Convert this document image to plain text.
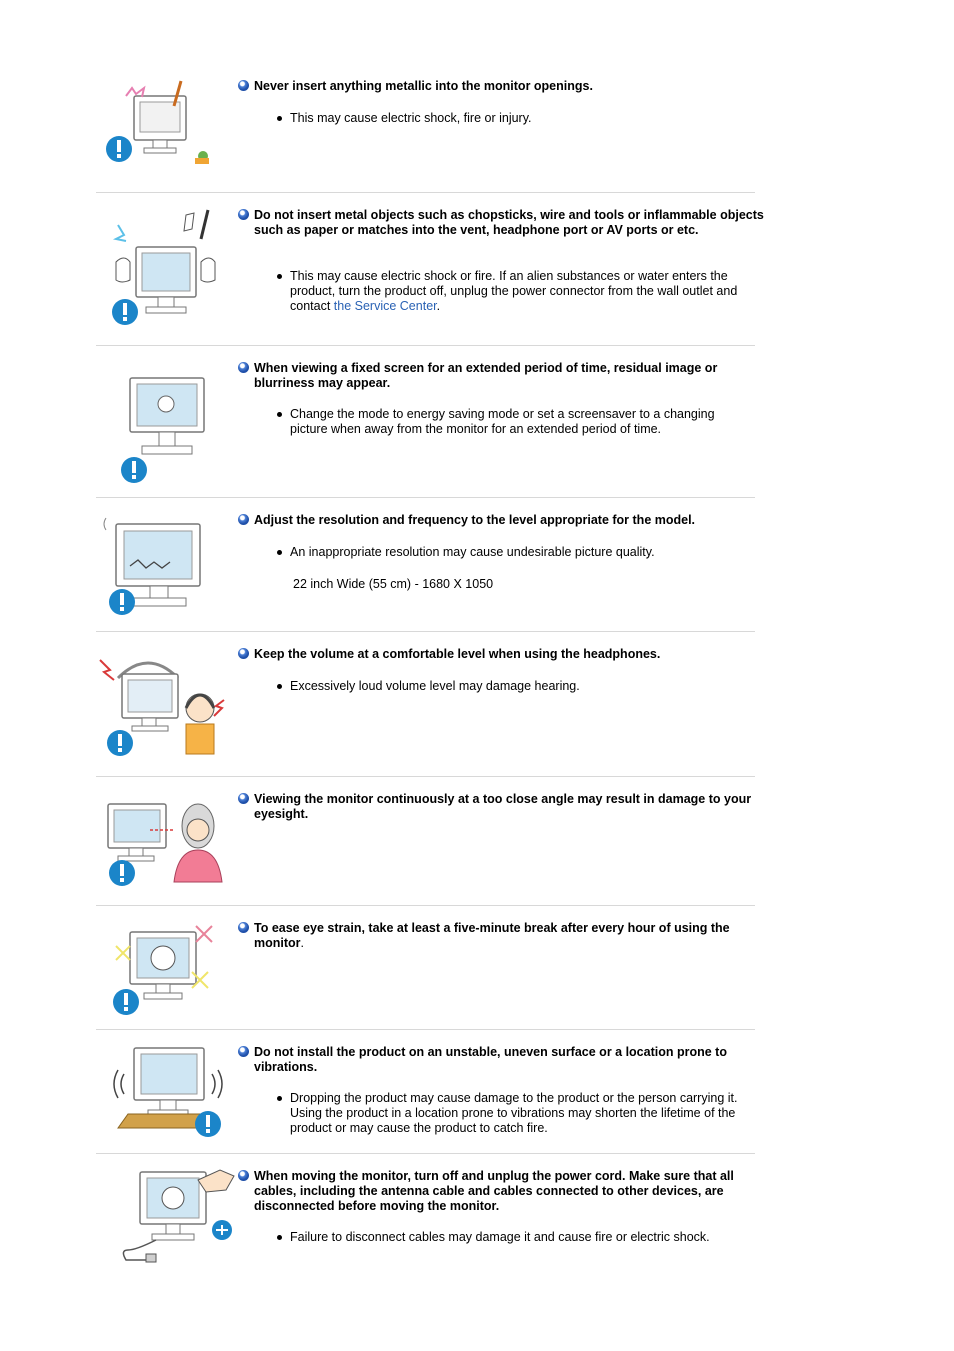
Never insert anything metallic into the monitor openings.
This may cause electric shock, fire or injury.
Do not insert metal objects such as chopsticks, wire and tools or inflammable objects such as paper or matches into the vent, headphone port or AV ports or etc.
This may cause electric shock or fire. If an alien substances or water enters the product, turn the product off, unplug the power connector from the wall outlet and contact the Service Center.
When viewing a fixed screen for an extended period of time, residual image or blurriness may appear.
Change the mode to energy saving mode or set a screensaver to a changing picture when away from the monitor for an extended period of time.
Adjust the resolution and frequency to the level appropriate for the model.
An inappropriate resolution may cause undesirable picture quality.
22 inch Wide (55 cm) - 1680 X 1050
Keep the volume at a comfortable level when using the headphones.
Excessively loud volume level may damage hearing.
Viewing the monitor continuously at a too close angle may result in damage to your eyesight.
To ease eye strain, take at least a five-minute break after every hour of using the monitor.
Do not install the product on an unstable, uneven surface or a location prone to vibrations.
Dropping the product may cause damage to the product or the person carrying it. Using the product in a location prone to vibrations may shorten the lifetime of the product or may cause the product to catch fire.
When moving the monitor, turn off and unplug the power cord. Make sure that all cables, including the antenna cable and cables connected to other devices, are disconnected before moving the monitor.
Failure to disconnect cables may damage it and cause fire or electric shock.
